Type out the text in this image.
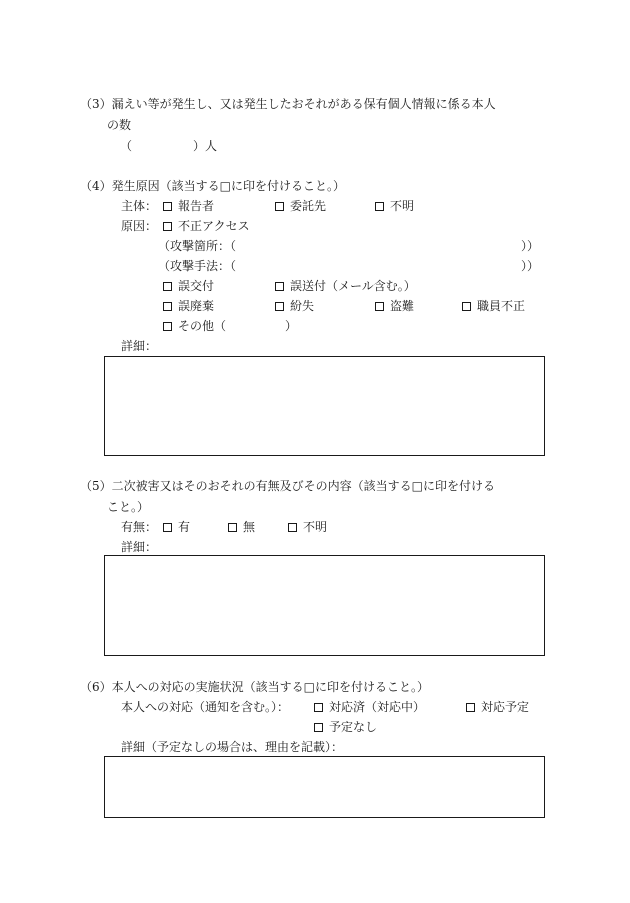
（3）漏えい等が発生し、又は発生したおそれがある保有個人情報に係る本人
の数
（	）人
（4）発生原因（該当する□に印を付けること。）
主体：	報告者	委託先	不明
原因：	不正アクセス
（攻撃箇所：（	））
（攻撃手法：（	））
誤交付	誤送付（メール含む。）
誤廃棄	紛失	盗難	職員不正
その他（	）
詳細：
（5）二次被害又はそのおそれの有無及びその内容（該当する□に印を付ける
こと。）
有無：	有	無	不明
詳細：
（6）本人への対応の実施状況（該当する□に印を付けること。）
本人への対応（通知を含む。）：	対応済（対応中）	対応予定
予定なし
詳細（予定なしの場合は、理由を記載）：
